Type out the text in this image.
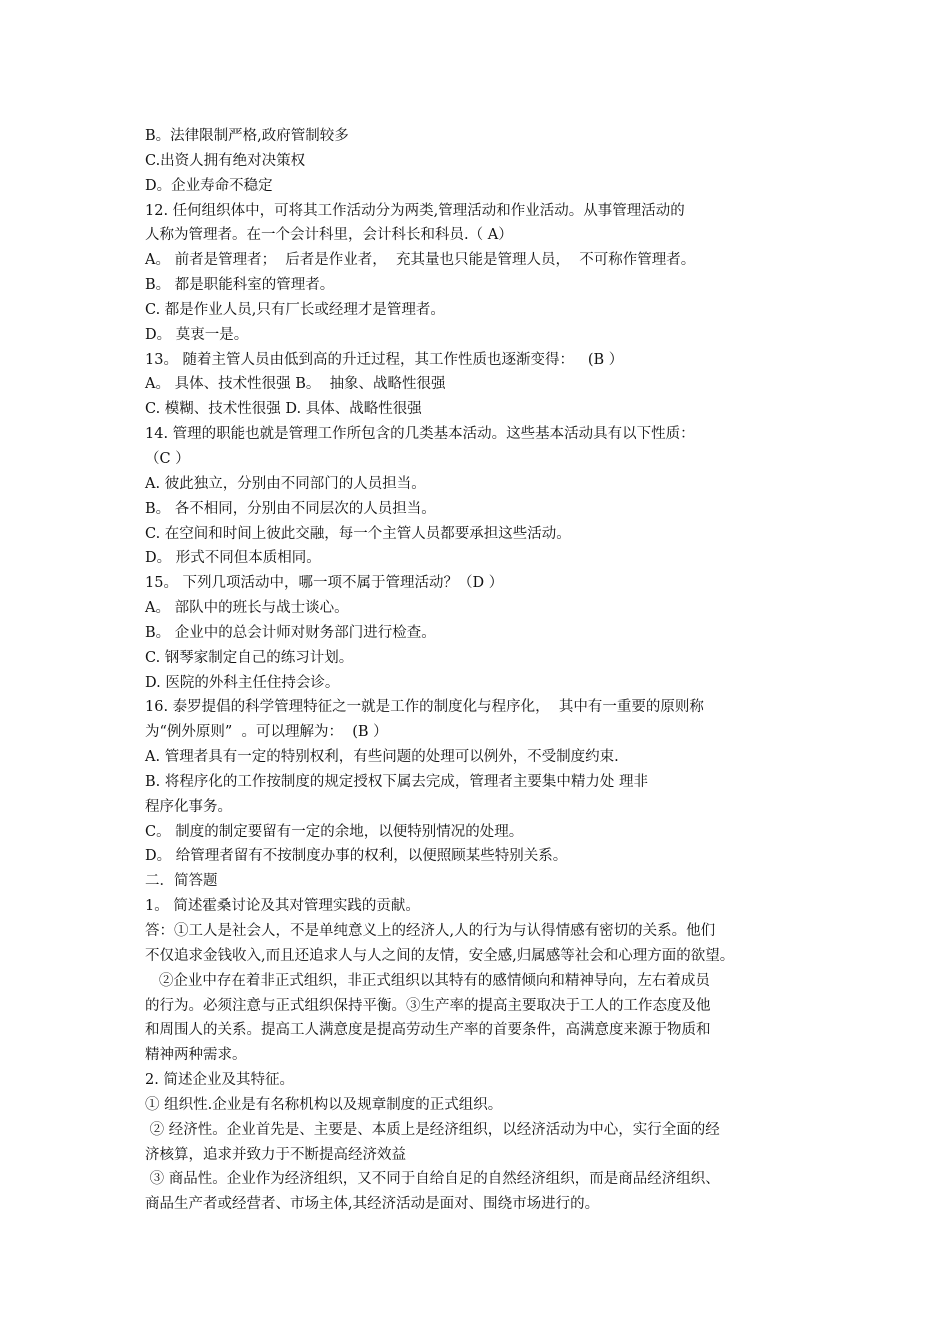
B。法律限制严格,政府管制较多
C.出资人拥有绝对决策权
D。企业寿命不稳定
12. 任何组织体中，可将其工作活动分为两类,管理活动和作业活动。从事管理活动的
人称为管理者。在一个会计科里，会计科长和科员.（ A）
A。 前者是管理者；  后者是作业者，  充其量也只能是管理人员，  不可称作管理者。
B。 都是职能科室的管理者。
C. 都是作业人员,只有厂长或经理才是管理者。
D。 莫衷一是。
13。 随着主管人员由低到高的升迁过程，其工作性质也逐渐变得：   (B ）
A。 具体、技术性很强 B。  抽象、战略性很强
C. 模糊、技术性很强 D. 具体、战略性很强
14. 管理的职能也就是管理工作所包含的几类基本活动。这些基本活动具有以下性质：
（C ）
A. 彼此独立，分别由不同部门的人员担当。
B。 各不相同，分别由不同层次的人员担当。
C. 在空间和时间上彼此交融，每一个主管人员都要承担这些活动。
D。 形式不同但本质相同。
15。 下列几项活动中，哪一项不属于管理活动？（D ）
A。 部队中的班长与战士谈心。
B。 企业中的总会计师对财务部门进行检查。
C. 钢琴家制定自己的练习计划。
D. 医院的外科主任住持会诊。
16. 泰罗提倡的科学管理特征之一就是工作的制度化与程序化，  其中有一重要的原则称
为“例外原则”  。可以理解为：  (B ）
A. 管理者具有一定的特别权利，有些问题的处理可以例外，不受制度约束.
B. 将程序化的工作按制度的规定授权下属去完成，管理者主要集中精力处 理非
程序化事务。
C。 制度的制定要留有一定的余地，以便特别情况的处理。
D。 给管理者留有不按制度办事的权利，以便照顾某些特别关系。
二．简答题
1。 简述霍桑讨论及其对管理实践的贡献。
答：①工人是社会人，不是单纯意义上的经济人,人的行为与认得情感有密切的关系。他们
不仅追求金钱收入,而且还追求人与人之间的友情，安全感,归属感等社会和心理方面的欲望。
②企业中存在着非正式组织，非正式组织以其特有的感情倾向和精神导向，左右着成员
的行为。必须注意与正式组织保持平衡。③生产率的提高主要取决于工人的工作态度及他
和周围人的关系。提高工人满意度是提高劳动生产率的首要条件，高满意度来源于物质和
精神两种需求。
2. 简述企业及其特征。
① 组织性.企业是有名称机构以及规章制度的正式组织。
② 经济性。企业首先是、主要是、本质上是经济组织，以经济活动为中心，实行全面的经
济核算，追求并致力于不断提高经济效益
③ 商品性。企业作为经济组织，又不同于自给自足的自然经济组织，而是商品经济组织、
商品生产者或经营者、市场主体,其经济活动是面对、围绕市场进行的。
